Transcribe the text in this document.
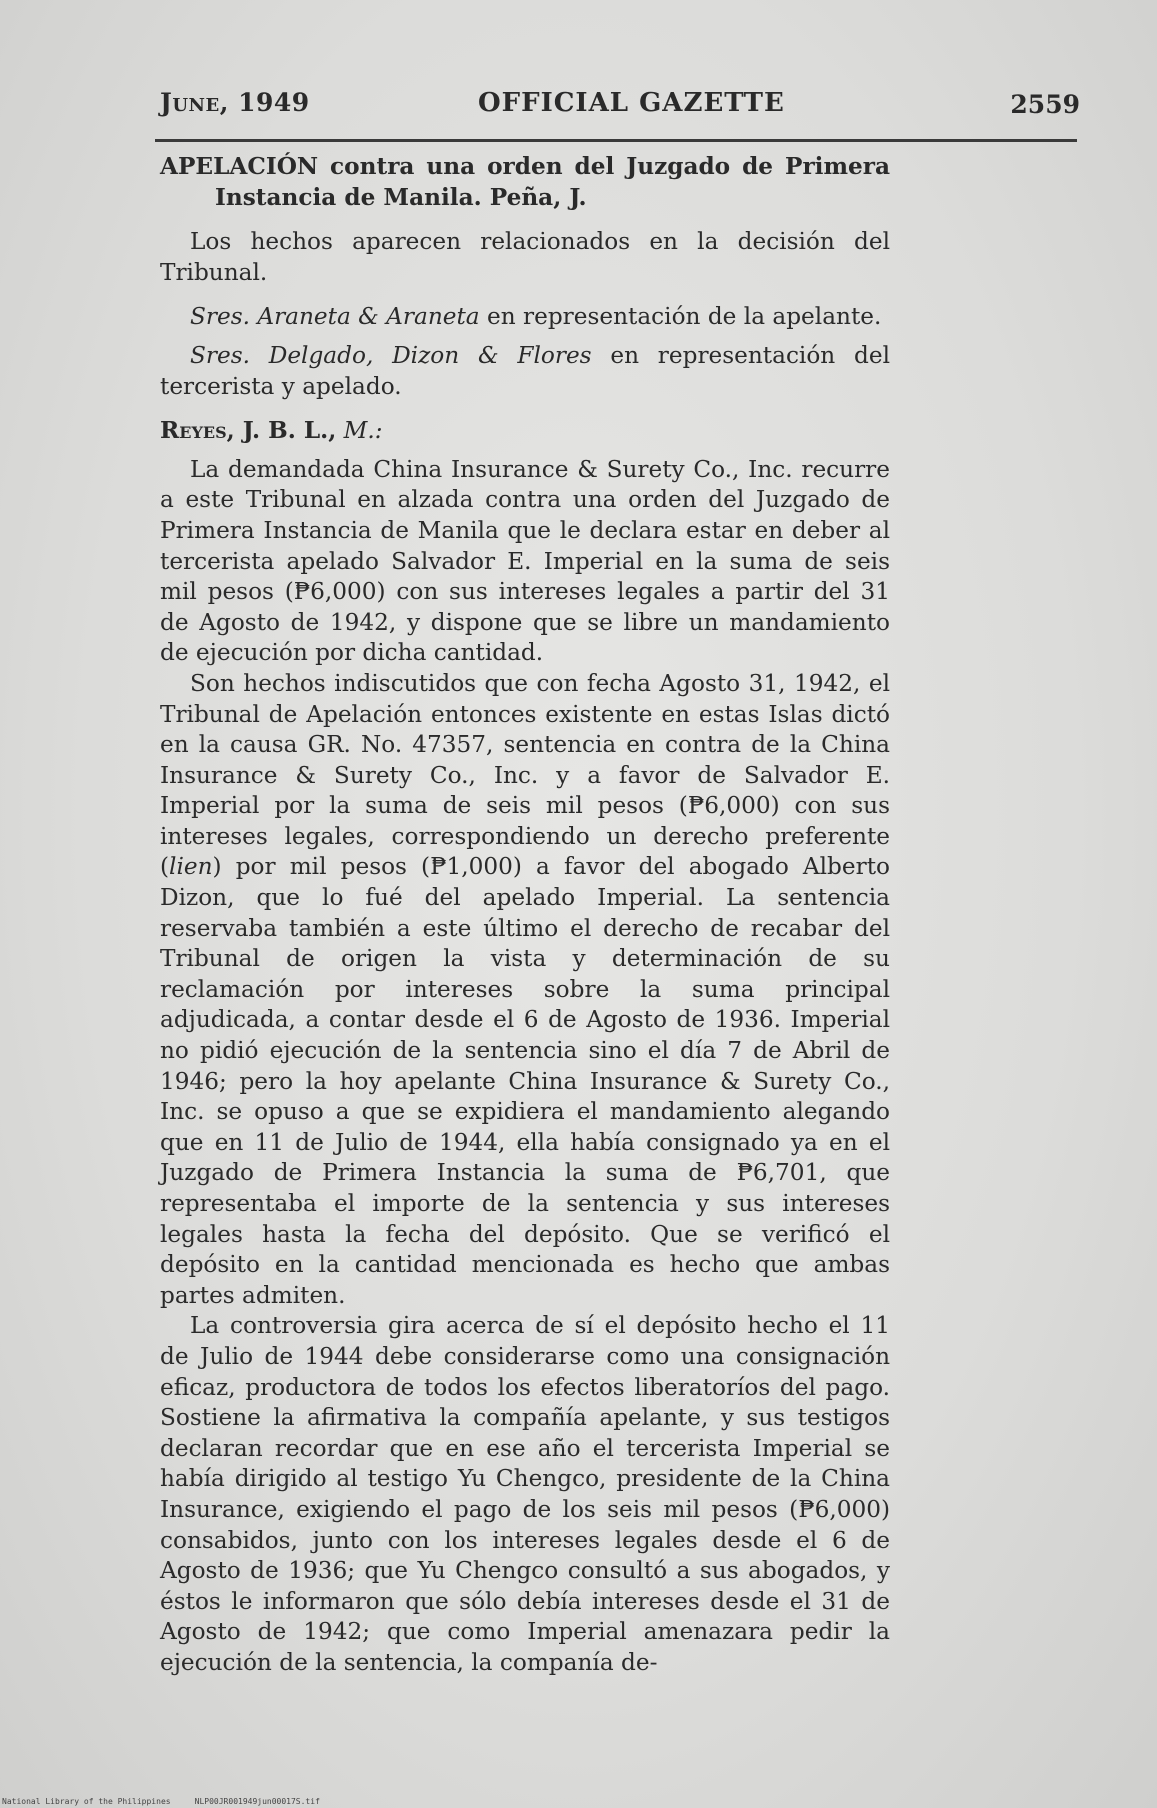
June, 1949	OFFICIAL GAZETTE	2559

APELACIÓN contra una orden del Juzgado de Primera Instancia de Manila. Peña, J.

Los hechos aparecen relacionados en la decisión del Tribunal.

Sres. Araneta & Araneta en representación de la apelante.

Sres. Delgado, Dizon & Flores en representación del tercerista y apelado.

Reyes, J. B. L., M.:

La demandada China Insurance & Surety Co., Inc. recurre a este Tribunal en alzada contra una orden del Juzgado de Primera Instancia de Manila que le declara estar en deber al tercerista apelado Salvador E. Imperial en la suma de seis mil pesos (₱6,000) con sus intereses legales a partir del 31 de Agosto de 1942, y dispone que se libre un mandamiento de ejecución por dicha cantidad.

Son hechos indiscutidos que con fecha Agosto 31, 1942, el Tribunal de Apelación entonces existente en estas Islas dictó en la causa GR. No. 47357, sentencia en contra de la China Insurance & Surety Co., Inc. y a favor de Salvador E. Imperial por la suma de seis mil pesos (₱6,000) con sus intereses legales, correspondiendo un derecho preferente (lien) por mil pesos (₱1,000) a favor del abogado Alberto Dizon, que lo fué del apelado Imperial. La sentencia reservaba también a este último el derecho de recabar del Tribunal de origen la vista y determinación de su reclamación por intereses sobre la suma principal adjudicada, a contar desde el 6 de Agosto de 1936. Imperial no pidió ejecución de la sentencia sino el día 7 de Abril de 1946; pero la hoy apelante China Insurance & Surety Co., Inc. se opuso a que se expidiera el mandamiento alegando que en 11 de Julio de 1944, ella había consignado ya en el Juzgado de Primera Instancia la suma de ₱6,701, que representaba el importe de la sentencia y sus intereses legales hasta la fecha del depósito. Que se verificó el depósito en la cantidad mencionada es hecho que ambas partes admiten.

La controversia gira acerca de sí el depósito hecho el 11 de Julio de 1944 debe considerarse como una consignación eficaz, productora de todos los efectos liberatoríos del pago. Sostiene la afirmativa la compañía apelante, y sus testigos declaran recordar que en ese año el tercerista Imperial se había dirigido al testigo Yu Chengco, presidente de la China Insurance, exigiendo el pago de los seis mil pesos (₱6,000) consabidos, junto con los intereses legales desde el 6 de Agosto de 1936; que Yu Chengco consultó a sus abogados, y éstos le informaron que sólo debía intereses desde el 31 de Agosto de 1942; que como Imperial amenazara pedir la ejecución de la sentencia, la companía de-

National Library of the Philippines     NLP00JR001949jun00017S.tif
